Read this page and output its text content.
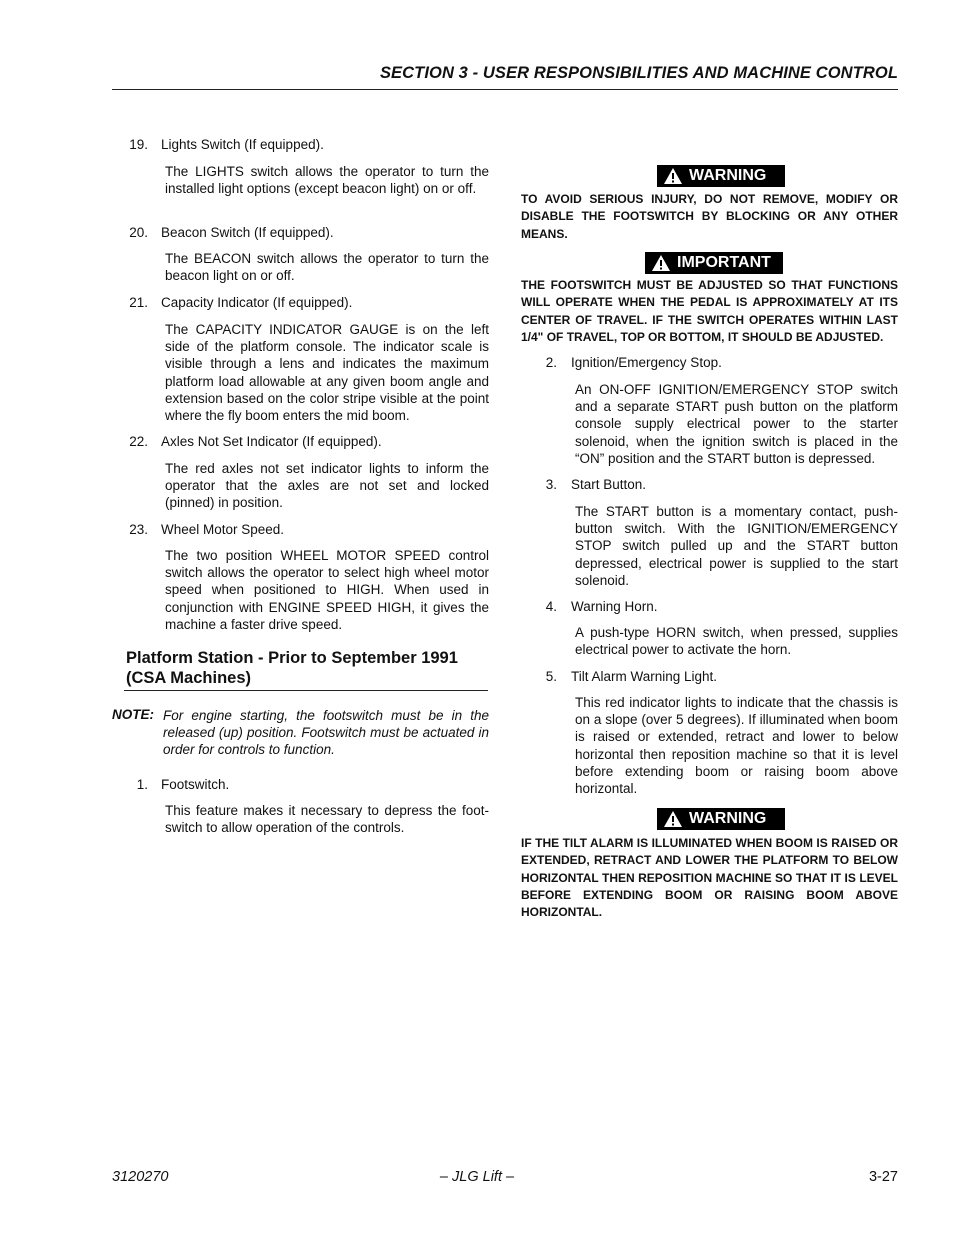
SECTION 3 - USER RESPONSIBILITIES AND MACHINE CONTROL
19. Lights Switch (If equipped).
The LIGHTS switch allows the operator to turn the installed light options (except beacon light) on or off.
20. Beacon Switch (If equipped).
The BEACON switch allows the operator to turn the beacon light on or off.
21. Capacity Indicator (If equipped).
The CAPACITY INDICATOR GAUGE is on the left side of the platform console. The indicator scale is visible through a lens and indicates the maximum platform load allowable at any given boom angle and extension based on the color stripe visible at the point where the fly boom enters the mid boom.
22. Axles Not Set Indicator (If equipped).
The red axles not set indicator lights to inform the operator that the axles are not set and locked (pinned) in position.
23. Wheel Motor Speed.
The two position WHEEL MOTOR SPEED control switch allows the operator to select high wheel motor speed when positioned to HIGH. When used in conjunction with ENGINE SPEED HIGH, it gives the machine a faster drive speed.
Platform Station - Prior to September 1991
(CSA Machines)
NOTE: For engine starting, the footswitch must be in the released (up) position. Footswitch must be actuated in order for controls to function.
1. Footswitch.
This feature makes it necessary to depress the foot-switch to allow operation of the controls.
WARNING
TO AVOID SERIOUS INJURY, DO NOT REMOVE, MODIFY OR DISABLE THE FOOTSWITCH BY BLOCKING OR ANY OTHER MEANS.
IMPORTANT
THE FOOTSWITCH MUST BE ADJUSTED SO THAT FUNCTIONS WILL OPERATE WHEN THE PEDAL IS APPROXIMATELY AT ITS CENTER OF TRAVEL. IF THE SWITCH OPERATES WITHIN LAST 1/4" OF TRAVEL, TOP OR BOTTOM, IT SHOULD BE ADJUSTED.
2. Ignition/Emergency Stop.
An ON-OFF IGNITION/EMERGENCY STOP switch and a separate START push button on the platform console supply electrical power to the starter solenoid, when the ignition switch is placed in the “ON” position and the START button is depressed.
3. Start Button.
The START button is a momentary contact, push-button switch. With the IGNITION/EMERGENCY STOP switch pulled up and the START button depressed, electrical power is supplied to the start solenoid.
4. Warning Horn.
A push-type HORN switch, when pressed, supplies electrical power to activate the horn.
5. Tilt Alarm Warning Light.
This red indicator lights to indicate that the chassis is on a slope (over 5 degrees). If illuminated when boom is raised or extended, retract and lower to below horizontal then reposition machine so that it is level before extending boom or raising boom above horizontal.
WARNING
IF THE TILT ALARM IS ILLUMINATED WHEN BOOM IS RAISED OR EXTENDED, RETRACT AND LOWER THE PLATFORM TO BELOW HORIZONTAL THEN REPOSITION MACHINE SO THAT IT IS LEVEL BEFORE EXTENDING BOOM OR RAISING BOOM ABOVE HORIZONTAL.
3120270	– JLG Lift –	3-27
